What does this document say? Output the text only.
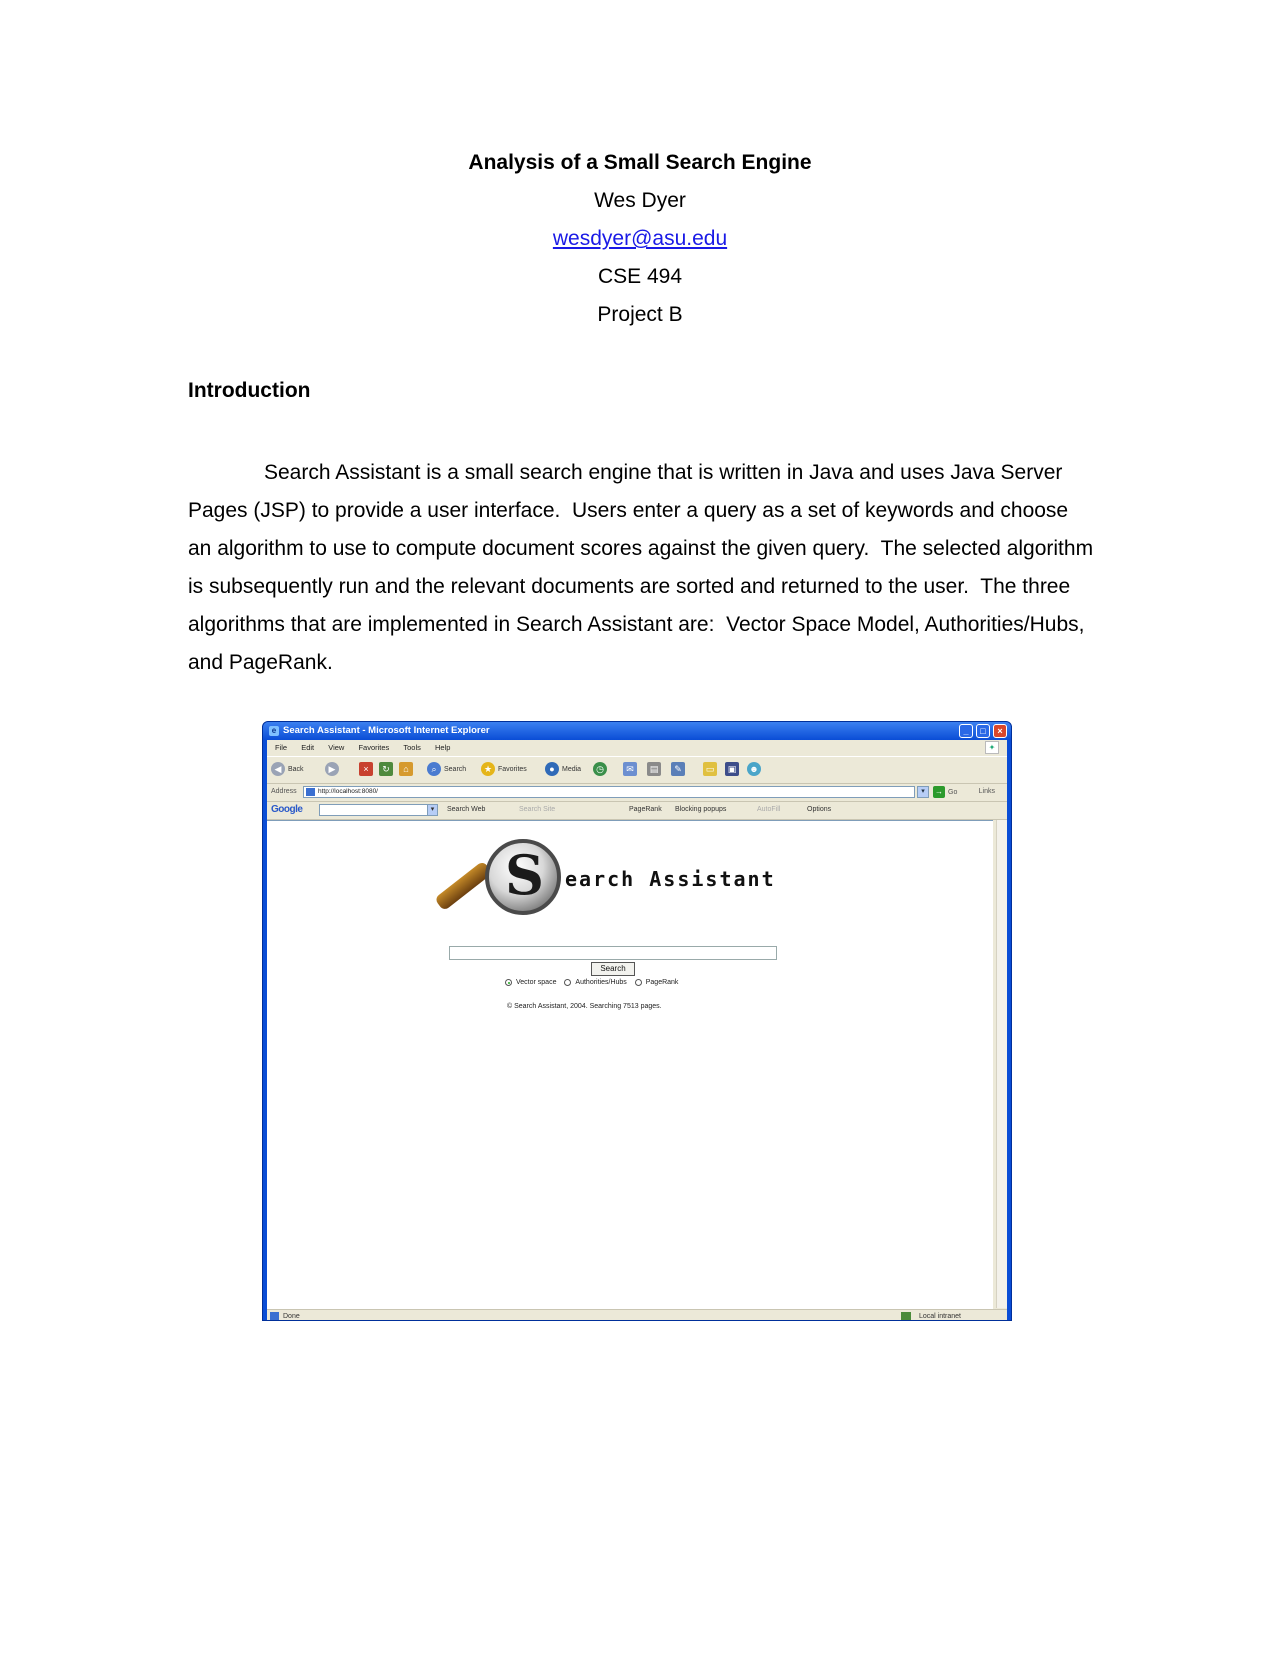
Analysis of a Small Search Engine
Wes Dyer
wesdyer@asu.edu
CSE 494
Project B
Introduction

Search Assistant is a small search engine that is written in Java and uses Java Server Pages (JSP) to provide a user interface.  Users enter a query as a set of keywords and choose an algorithm to use to compute document scores against the given query.  The selected algorithm is subsequently run and the relevant documents are sorted and returned to the user.  The three algorithms that are implemented in Search Assistant are:  Vector Space Model, Authorities/Hubs, and PageRank.

e Search Assistant - Microsoft Internet Explorer	_	□	×
File Edit View Favorites Tools Help	✦
◀ Back	▶	×	↻	⌂	⌕ Search	★ Favorites	● Media	◷	✉	▤	✎	▭	▣	☻
Address	http://localhost:8080/	▾	→ Go	Links
Google	▾	Search Web	Search Site	PageRank Blocking popups	AutoFill	Options
S earch Assistant
Search
Vector space
	Authorities/Hubs
	PageRank
© Search Assistant, 2004. Searching 7513 pages.
Done	Local intranet
